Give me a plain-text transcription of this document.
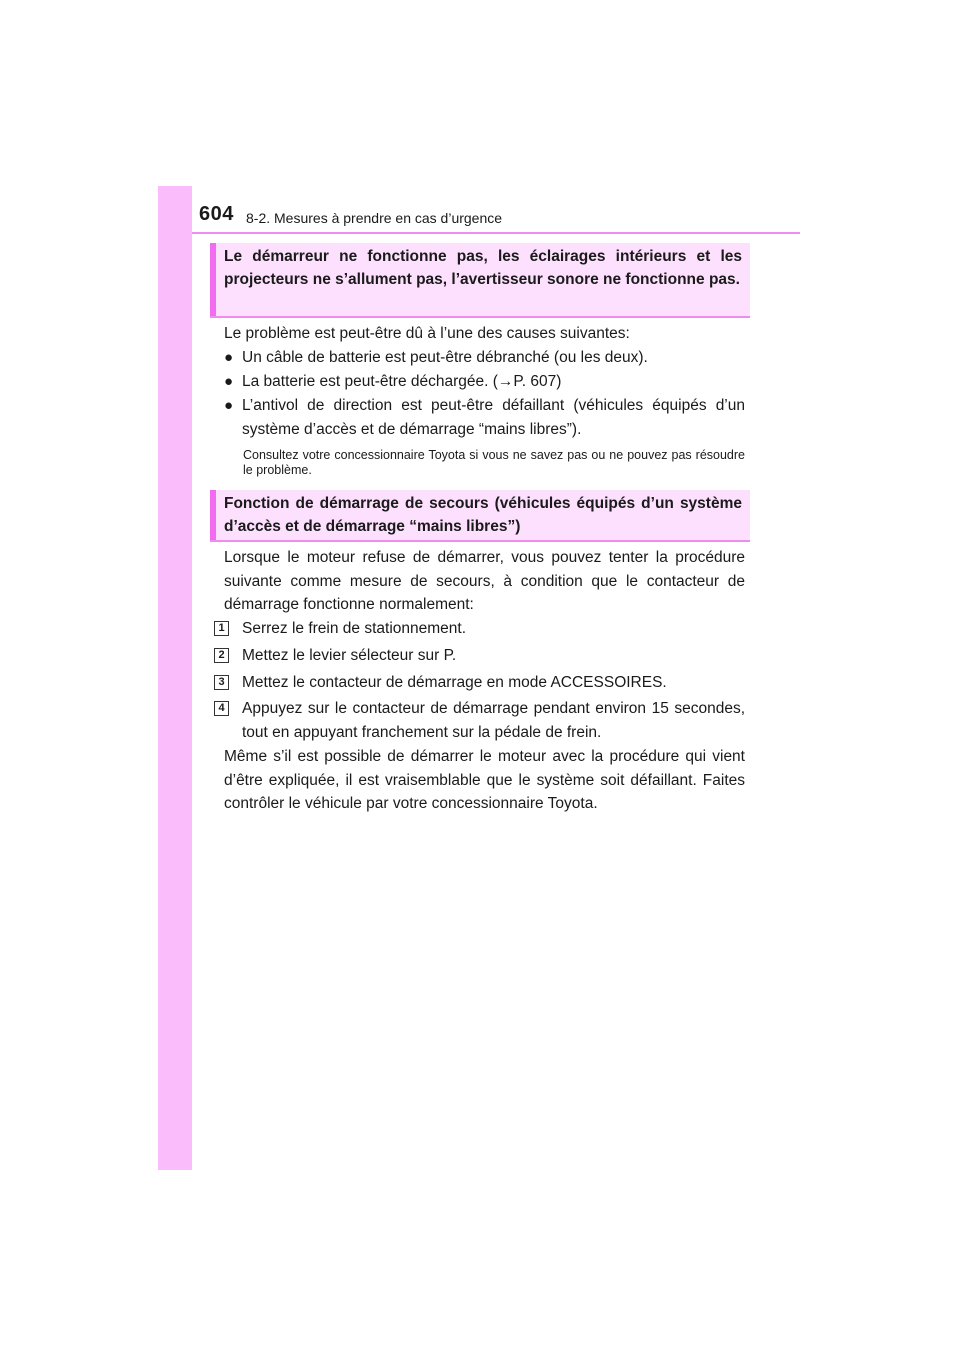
604 8-2. Mesures à prendre en cas d’urgence
Le démarreur ne fonctionne pas, les éclairages intérieurs et les projecteurs ne s’allument pas, l’avertisseur sonore ne fonctionne pas.
Le problème est peut-être dû à l’une des causes suivantes:
● Un câble de batterie est peut-être débranché (ou les deux).
● La batterie est peut-être déchargée. (→P. 607)
● L’antivol de direction est peut-être défaillant (véhicules équipés d’un système d’accès et de démarrage “mains libres”).
Consultez votre concessionnaire Toyota si vous ne savez pas ou ne pouvez pas résoudre le problème.
Fonction de démarrage de secours (véhicules équipés d’un système d’accès et de démarrage “mains libres”)
Lorsque le moteur refuse de démarrer, vous pouvez tenter la procédure suivante comme mesure de secours, à condition que le contacteur de démarrage fonctionne normalement:
1 Serrez le frein de stationnement.
2 Mettez le levier sélecteur sur P.
3 Mettez le contacteur de démarrage en mode ACCESSOIRES.
4 Appuyez sur le contacteur de démarrage pendant environ 15 secondes, tout en appuyant franchement sur la pédale de frein.
Même s’il est possible de démarrer le moteur avec la procédure qui vient d’être expliquée, il est vraisemblable que le système soit défaillant. Faites contrôler le véhicule par votre concessionnaire Toyota.
